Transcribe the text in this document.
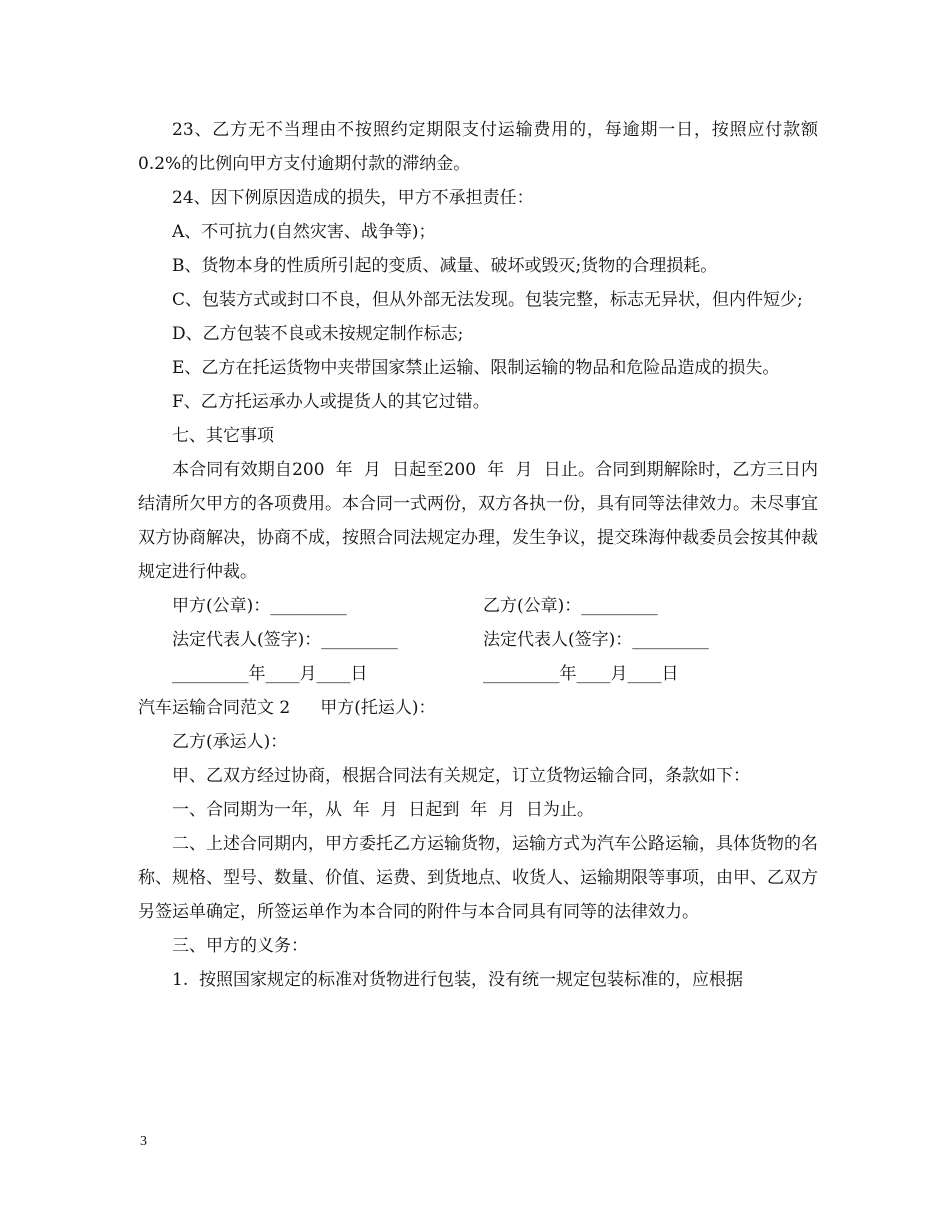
23、乙方无不当理由不按照约定期限支付运输费用的，每逾期一日，按照应付款额0.2%的比例向甲方支付逾期付款的滞纳金。

24、因下例原因造成的损失，甲方不承担责任：

A、不可抗力(自然灾害、战争等)；

B、货物本身的性质所引起的变质、减量、破坏或毁灭;货物的合理损耗。

C、包装方式或封口不良，但从外部无法发现。包装完整，标志无异状，但内件短少;

D、乙方包装不良或未按规定制作标志;

E、乙方在托运货物中夹带国家禁止运输、限制运输的物品和危险品造成的损失。

F、乙方托运承办人或提货人的其它过错。

七、其它事项

本合同有效期自200  年  月  日起至200  年  月  日止。合同到期解除时，乙方三日内结清所欠甲方的各项费用。本合同一式两份，双方各执一份，具有同等法律效力。未尽事宜双方协商解决，协商不成，按照合同法规定办理，发生争议，提交珠海仲裁委员会按其仲裁规定进行仲裁。

甲方(公章)：_________	乙方(公章)：_________
法定代表人(签字)：_________	法定代表人(签字)：_________
_________年____月____日	_________年____月____日
汽车运输合同范文 2 甲方(托运人)：

乙方(承运人)：

甲、乙双方经过协商，根据合同法有关规定，订立货物运输合同，条款如下：

一、合同期为一年，从  年  月  日起到  年  月  日为止。

二、上述合同期内，甲方委托乙方运输货物，运输方式为汽车公路运输，具体货物的名称、规格、型号、数量、价值、运费、到货地点、收货人、运输期限等事项，由甲、乙双方另签运单确定，所签运单作为本合同的附件与本合同具有同等的法律效力。

三、甲方的义务：

1.  按照国家规定的标准对货物进行包装，没有统一规定包装标准的，应根据

3
